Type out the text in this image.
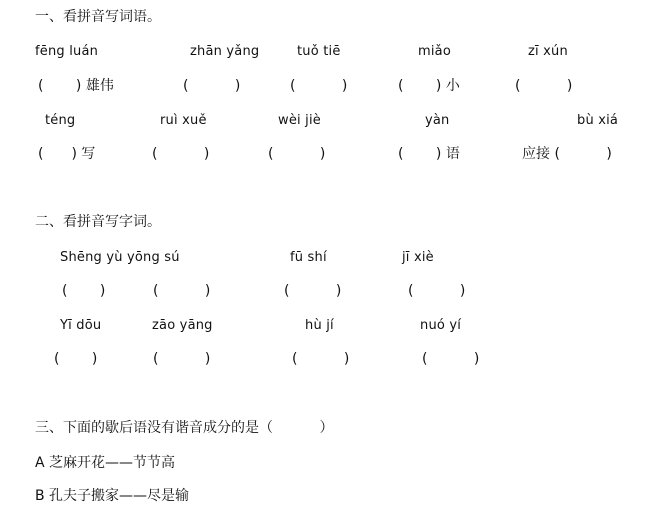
一、看拼音写词语。
fēng luán	zhān yǎng	tuǒ tiē	miǎo	zī xún
(　　 ) 雄伟	(　　　 )	(　　　 )	(　　 ) 小	(　　　 )
téng	ruì xuě	wèi jiè	yàn	bù xiá
(　　) 写	(　　　 )	(　　　 )	(　　 ) 语	应接 (　　　 )
二、看拼音写字词。
Shēng yù yōng sú	fū shí	jī xiè
(　　 )	(　　　 )	(　　　 )	(　　　 )
Yī dōu	zāo yāng	hù jí	nuó yí
(　　 )	(　　　 )	(　　　 )	(　　　 )
三、下面的歇后语没有谐音成分的是（　　　 ）
A 芝麻开花——节节高
B 孔夫子搬家——尽是输
